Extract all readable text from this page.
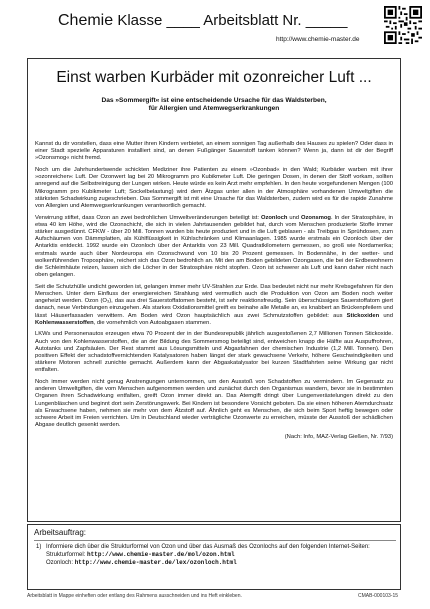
Chemie Klasse ____ Arbeitsblatt Nr. _____
http://www.chemie-master.de
Einst warben Kurbäder mit ozonreicher Luft ...
Das »Sommergift« ist eine entscheidende Ursache für das Waldsterben,
für Allergien und Atemwegserkrankungen

Kannst du dir vorstellen, dass eine Mutter ihren Kindern verbietet, an einem sonnigen Tag außerhalb des Hauses zu spielen? Oder dass in einer Stadt spezielle Apparaturen installiert sind, an denen Fußgänger Sauerstoff tanken können? Wenn ja, dann ist dir der Begriff »Ozonsmog« nicht fremd.

Noch um die Jahrhundertwende schickten Mediziner ihre Patienten zu einem »Ozonbad« in den Wald; Kurbäder warben mit ihrer »ozonreichen« Luft. Der Ozonwert lag bei 20 Mikrogramm pro Kubikmeter Luft. Die geringen Dosen, in denen der Stoff vorkam, sollten anregend auf die Selbstreinigung der Lungen wirken. Heute würde es kein Arzt mehr empfehlen. In den heute vorgefundenen Mengen (100 Mikrogramm pro Kubikmeter Luft; Sockelbelastung) wird dem Ätzgas unter allen in der Atmosphäre vorhandenen Umweltgiften die stärksten Schadwirkung zugeschrieben. Das Sommergift ist mit eine Ursache für das Waldsterben, zudem wird es für die rapide Zunahme von Allergien und Atemwegserkrankungen verantwortlich gemacht.

Verwirrung stiftet, dass Ozon an zwei bedrohlichen Umweltveränderungen beteiligt ist: Ozonloch und Ozonsmog. In der Stratosphäre, in etwa 40 km Höhe, wird die Ozonschicht, die sich in vielen Jahrtausenden gebildet hat, durch vom Menschen produzierte Stoffe immer stärker ausgedünnt. CFKW - über 20 Mill. Tonnen wurden bis heute produziert und in die Luft geblasen - als Treibgas in Sprühdosen, zum Aufschäumen von Dämmplatten, als Kühlflüssigkeit in Kühlschränken und Klimaanlagen. 1985 wurde erstmals ein Ozonloch über der Antarktis entdeckt. 1992 wurde ein Ozonloch über der Antarktis von 23 Mill. Quadratkilometern gemessen, so groß wie Nordamerika; erstmals wurde auch über Nordeuropa ein Ozonschwund von 10 bis 20 Prozent gemessen. In Bodennähe, in der wetter- und wolkenführenden Troposphäre, reichert sich das Ozon bedrohlich an. Mit den am Boden gebildeten Ozongasen, die bei der Erdbewohnern die Schleimhäute reizen, lassen sich die Löcher in der Stratosphäre nicht stopfen. Ozon ist schwerer als Luft und kann daher nicht nach oben gelangen.

Seit die Schutzhülle undicht geworden ist, gelangen immer mehr UV-Strahlen zur Erde. Das bedeutet nicht nur mehr Krebsgefahren für den Menschen. Unter dem Einfluss der energiereichen Strahlung wird vermutlich auch die Produktion von Ozon am Boden noch weiter angeheizt werden. Ozon (O₃), das aus drei Sauerstoffatomen besteht, ist sehr reaktionsfreudig. Sein überschüssiges Sauerstoffatom giert danach, neue Verbindungen einzugehen. Als starkes Oxidationsmittel greift es beinahe alle Metalle an, es knabbert an Brückenpfeilern und lässt Häuserfassaden verwittern. Am Boden wird Ozon hauptsächlich aus zwei Schmutzstoffen gebildet: aus Stickoxiden und Kohlenwasserstoffen, die vornehmlich von Autoabgasen stammen.

LKWs und Personenautos erzeugen etwa 70 Prozent der in der Bundesrepublik jährlich ausgestoßenen 2,7 Millionen Tonnen Stickoxide. Auch von den Kohlenwasserstoffen, die an der Bildung des Sommersmog beteiligt sind, entweichen knapp die Hälfte aus Auspuffrohren, Autotanks und Zapfsäulen. Der Rest stammt aus Lösungsmitteln und Abgasfahnen der chemischen Industrie (1,2 Mill. Tonnen). Den positiven Effekt der schadstoffvernichtenden Katalysatoren haben längst der stark gewachsene Verkehr, höhere Geschwindigkeiten und stärkere Motoren schnell zunichte gemacht. Außerdem kann der Abgaskatalysator bei kurzen Stadtfahrten seine Wirkung gar nicht entfalten.

Noch immer werden nicht genug Anstrengungen unternommen, um den Ausstoß von Schadstoffen zu vermindern. Im Gegensatz zu anderen Umweltgiften, die vom Menschen aufgenommen werden und zunächst durch den Organismus wandern, bevor sie in bestimmten Organen ihren Schadwirkung entfalten, greift Ozon immer direkt an. Das Atemgift dringt über Lungenverästelungen direkt zu den Lungenbläschen und beginnt dort sein Zerstörungswerk. Bei Kindern ist besondere Vorsicht geboten. Da sie einen höheren Atemdurchsatz als Erwachsene haben, nehmen sie mehr von dem Ätzstoff auf. Ähnlich geht es Menschen, die sich beim Sport heftig bewegen oder schwere Arbeit im Freien verrichten. Um in Deutschland wieder verträgliche Ozonwerte zu erreichen, müsste der Ausstoß der schädlichen Abgase deutlich gesenkt werden.

(Nach: Info, MAZ-Verlag Gießen, Nr. 7/93)

Arbeitsauftrag:
1) Informiere dich über die Strukturformel von Ozon und über das Ausmaß des Ozonlochs auf den folgenden Internet-Seiten:
Strukturformel: http://www.chemie-master.de/mol/ozon.html
Ozonloch: http://www.chemie-master.de/lex/ozonloch.html
Arbeitsblatt in Mappe einheften oder entlang des Rahmens ausschneiden und ins Heft einkleben.	CMAB-000103-15
